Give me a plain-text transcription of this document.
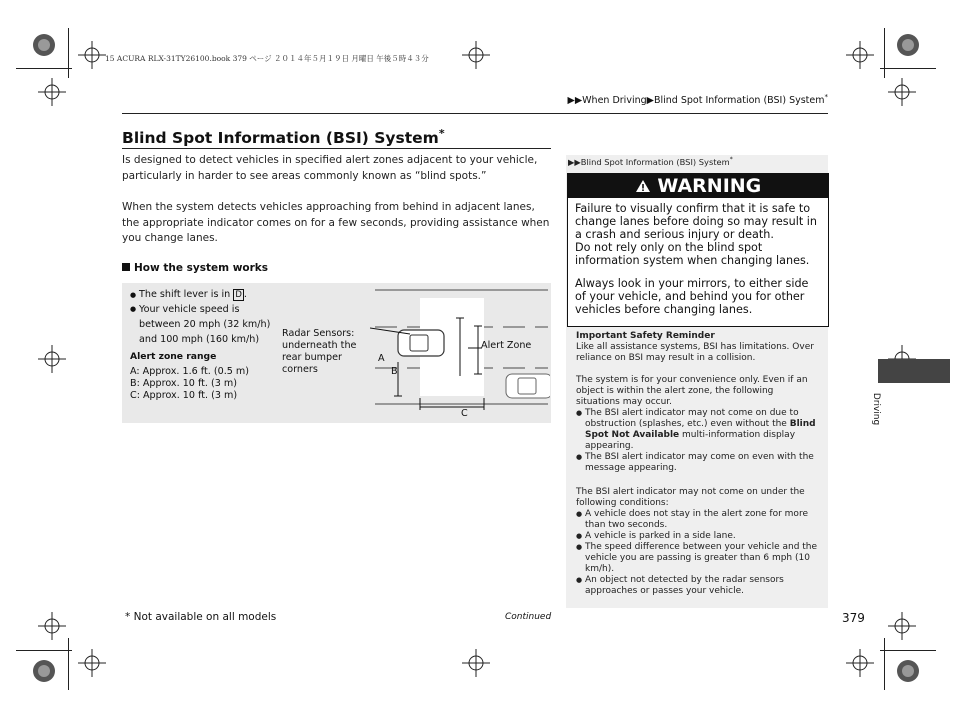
15 ACURA RLX-31TY26100.book 379 ページ ２０１４年５月１９日 月曜日 午後５時４３分
▶▶When Driving▶Blind Spot Information (BSI) System*
Blind Spot Information (BSI) System*
Is designed to detect vehicles in specified alert zones adjacent to your vehicle, particularly in harder to see areas commonly known as “blind spots.”
When the system detects vehicles approaching from behind in adjacent lanes, the appropriate indicator comes on for a few seconds, providing assistance when you change lanes.
How the system works
● The shift lever is in D .
● Your vehicle speed is between 20 mph (32 km/h) and 100 mph (160 km/h)
Alert zone range
A: Approx. 1.6 ft. (0.5 m)
B: Approx. 10 ft. (3 m)
C: Approx. 10 ft. (3 m)
Radar Sensors: underneath the rear bumper corners
A
B
C
Alert Zone
▶▶Blind Spot Information (BSI) System*
WARNING
Failure to visually confirm that it is safe to change lanes before doing so may result in a crash and serious injury or death.
Do not rely only on the blind spot information system when changing lanes.
Always look in your mirrors, to either side of your vehicle, and behind you for other vehicles before changing lanes.
Important Safety Reminder
Like all assistance systems, BSI has limitations. Over reliance on BSI may result in a collision.
The system is for your convenience only. Even if an object is within the alert zone, the following situations may occur.
● The BSI alert indicator may not come on due to obstruction (splashes, etc.) even without the Blind Spot Not Available multi-information display appearing.
● The BSI alert indicator may come on even with the message appearing.
The BSI alert indicator may not come on under the following conditions:
● A vehicle does not stay in the alert zone for more than two seconds.
● A vehicle is parked in a side lane.
● The speed difference between your vehicle and the vehicle you are passing is greater than 6 mph (10 km/h).
● An object not detected by the radar sensors approaches or passes your vehicle.
Driving
* Not available on all models	Continued	379
